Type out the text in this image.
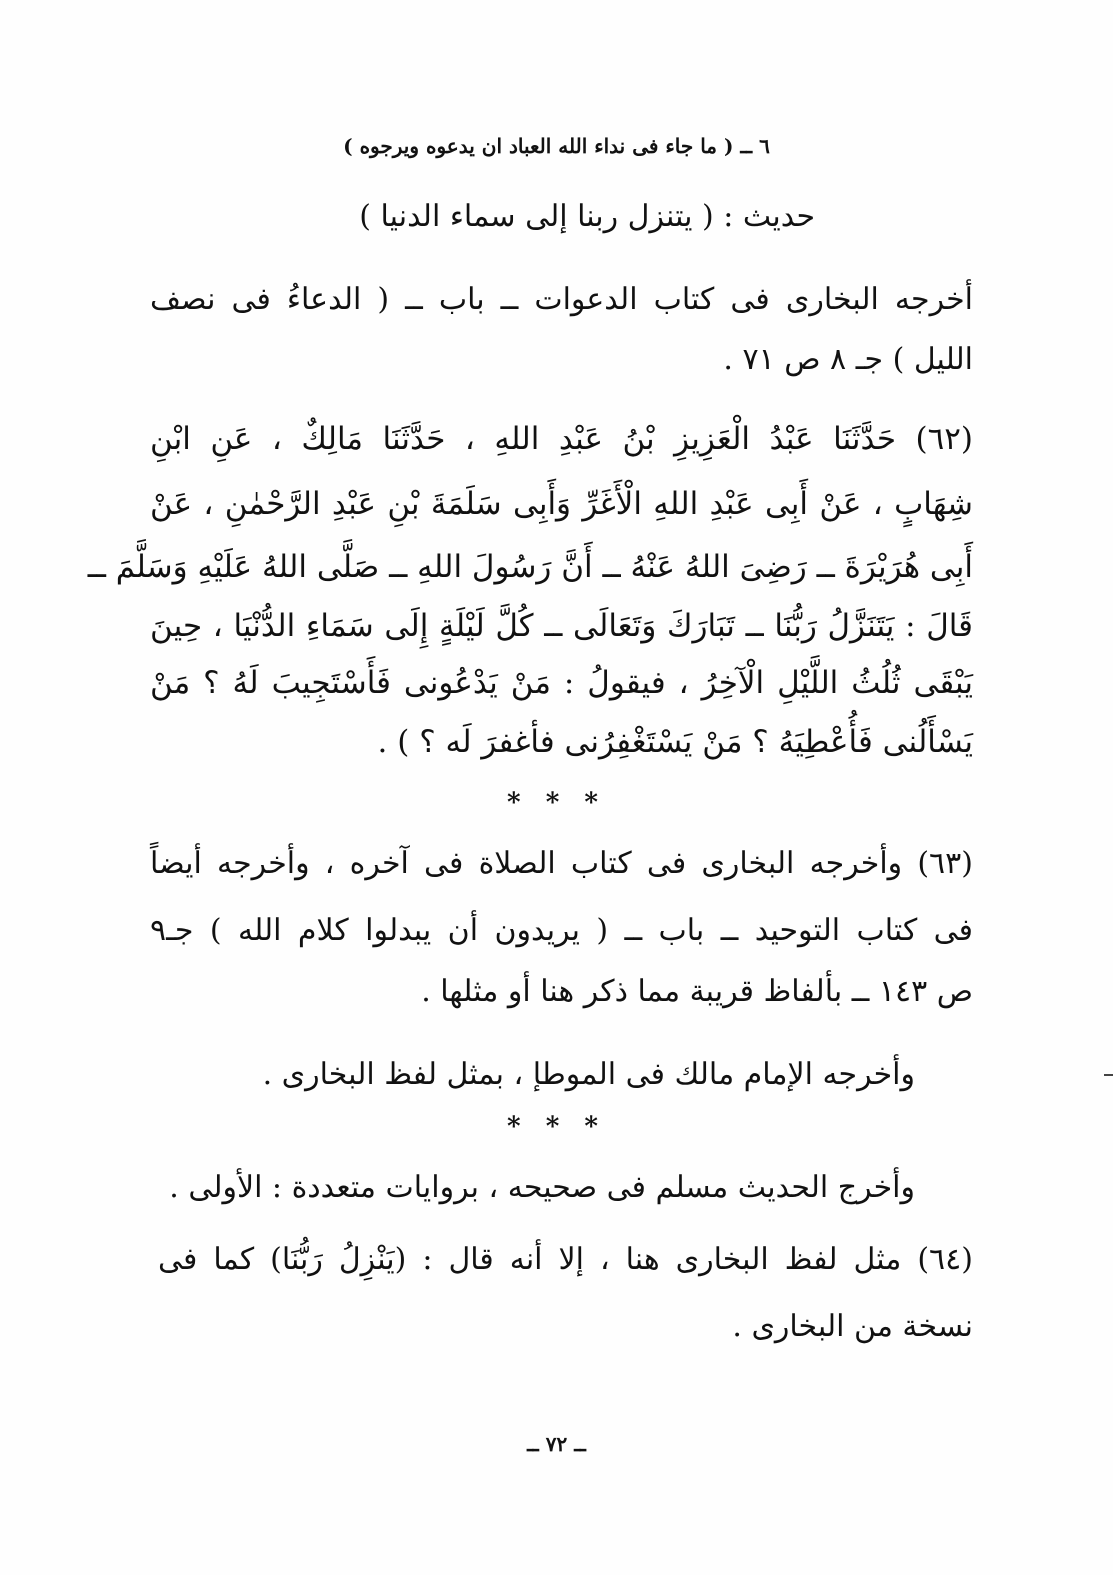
٦ ــ ( ما جاء فى نداء الله العباد ان يدعوه ويرجوه )
حديث : ( يتنزل ربنا إلى سماء الدنيا )
أخرجه البخارى فى كتاب الدعوات ــ باب ــ ( الدعاءُ فى نصف
الليل ) جـ ٨ ص ٧١ .
(٦٢) حَدَّثَنَا عَبْدُ الْعَزِيزِ بْنُ عَبْدِ اللهِ ، حَدَّثَنَا مَالِكٌ ، عَنِ ابْنِ
شِهَابٍ ، عَنْ أَبِى عَبْدِ اللهِ الْأَغَرِّ وَأَبِى سَلَمَةَ بْنِ عَبْدِ الرَّحْمٰنِ ، عَنْ
أَبِى هُرَيْرَةَ ــ رَضِىَ اللهُ عَنْهُ ــ أَنَّ رَسُولَ اللهِ ــ صَلَّى اللهُ عَلَيْهِ وَسَلَّمَ ــ
قَالَ : يَتَنَزَّلُ رَبُّنَا ــ تَبَارَكَ وَتَعَالَى ــ كُلَّ لَيْلَةٍ إِلَى سَمَاءِ الدُّنْيَا ، حِينَ
يَبْقَى ثُلُثُ اللَّيْلِ الْآخِرُ ، فيقولُ : مَنْ يَدْعُونى فَأَسْتَجِيبَ لَهُ ؟ مَنْ
يَسْأَلُنى فَأُعْطِيَهُ ؟ مَنْ يَسْتَغْفِرُنى فأغفرَ لَه ؟ ) .
* * *
(٦٣) وأخرجه البخارى فى كتاب الصلاة فى آخره ، وأخرجه أيضاً
فى كتاب التوحيد ــ باب ــ ( يريدون أن يبدلوا كلام الله ) جـ٩
ص ١٤٣ ــ بألفاظ قريبة مما ذكر هنا أو مثلها .
وأخرجه الإمام مالك فى الموطإ ، بمثل لفظ البخارى .
* * *
وأخرج الحديث مسلم فى صحيحه ، بروايات متعددة : الأولى .
(٦٤) مثل لفظ البخارى هنا ، إلا أنه قال : (يَنْزِلُ رَبُّنَا) كما فى
نسخة من البخارى .
ــ ٧٢ ــ
